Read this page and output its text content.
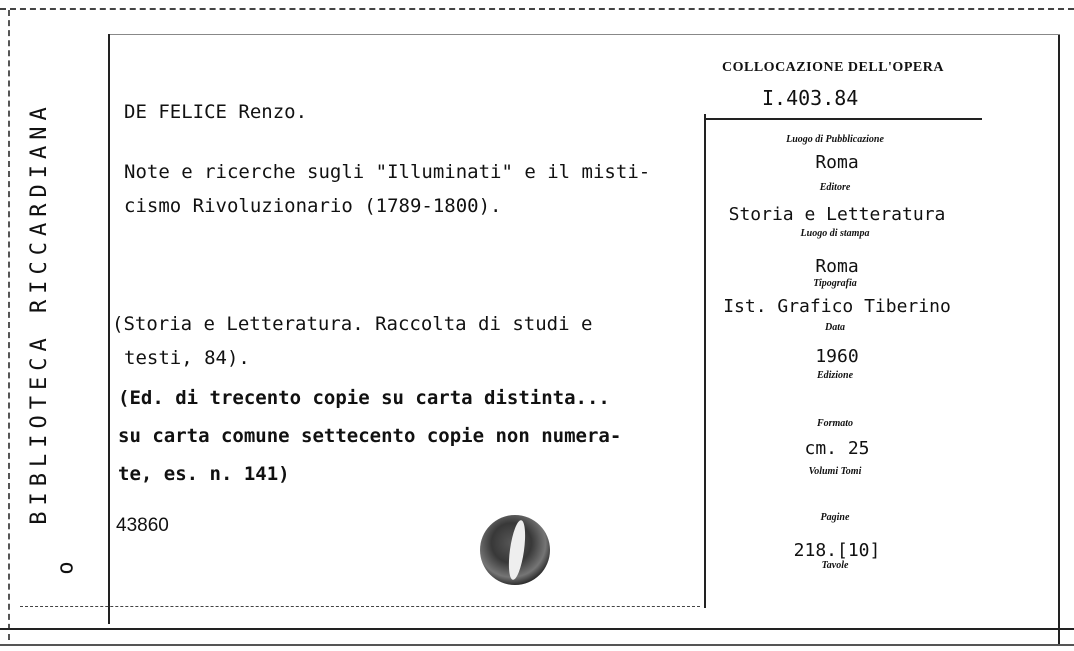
BIBLIOTECA RICCARDIANA
o
DE FELICE Renzo.
Note e ricerche sugli "Illuminati" e il misti-
cismo Rivoluzionario (1789-1800).
(Storia e Letteratura. Raccolta di studi e
testi, 84).
(Ed. di trecento copie su carta distinta...
su carta comune settecento copie non numera-
te, es. n. 141)
43860
COLLOCAZIONE DELL'OPERA
I.403.84
Luogo di Pubblicazione
Roma
Editore
Storia e Letteratura
Luogo di stampa
Roma
Tipografia
Ist. Grafico Tiberino
Data
1960
Edizione
Formato
cm. 25
Volumi Tomi
Pagine
218.[10]
Tavole
